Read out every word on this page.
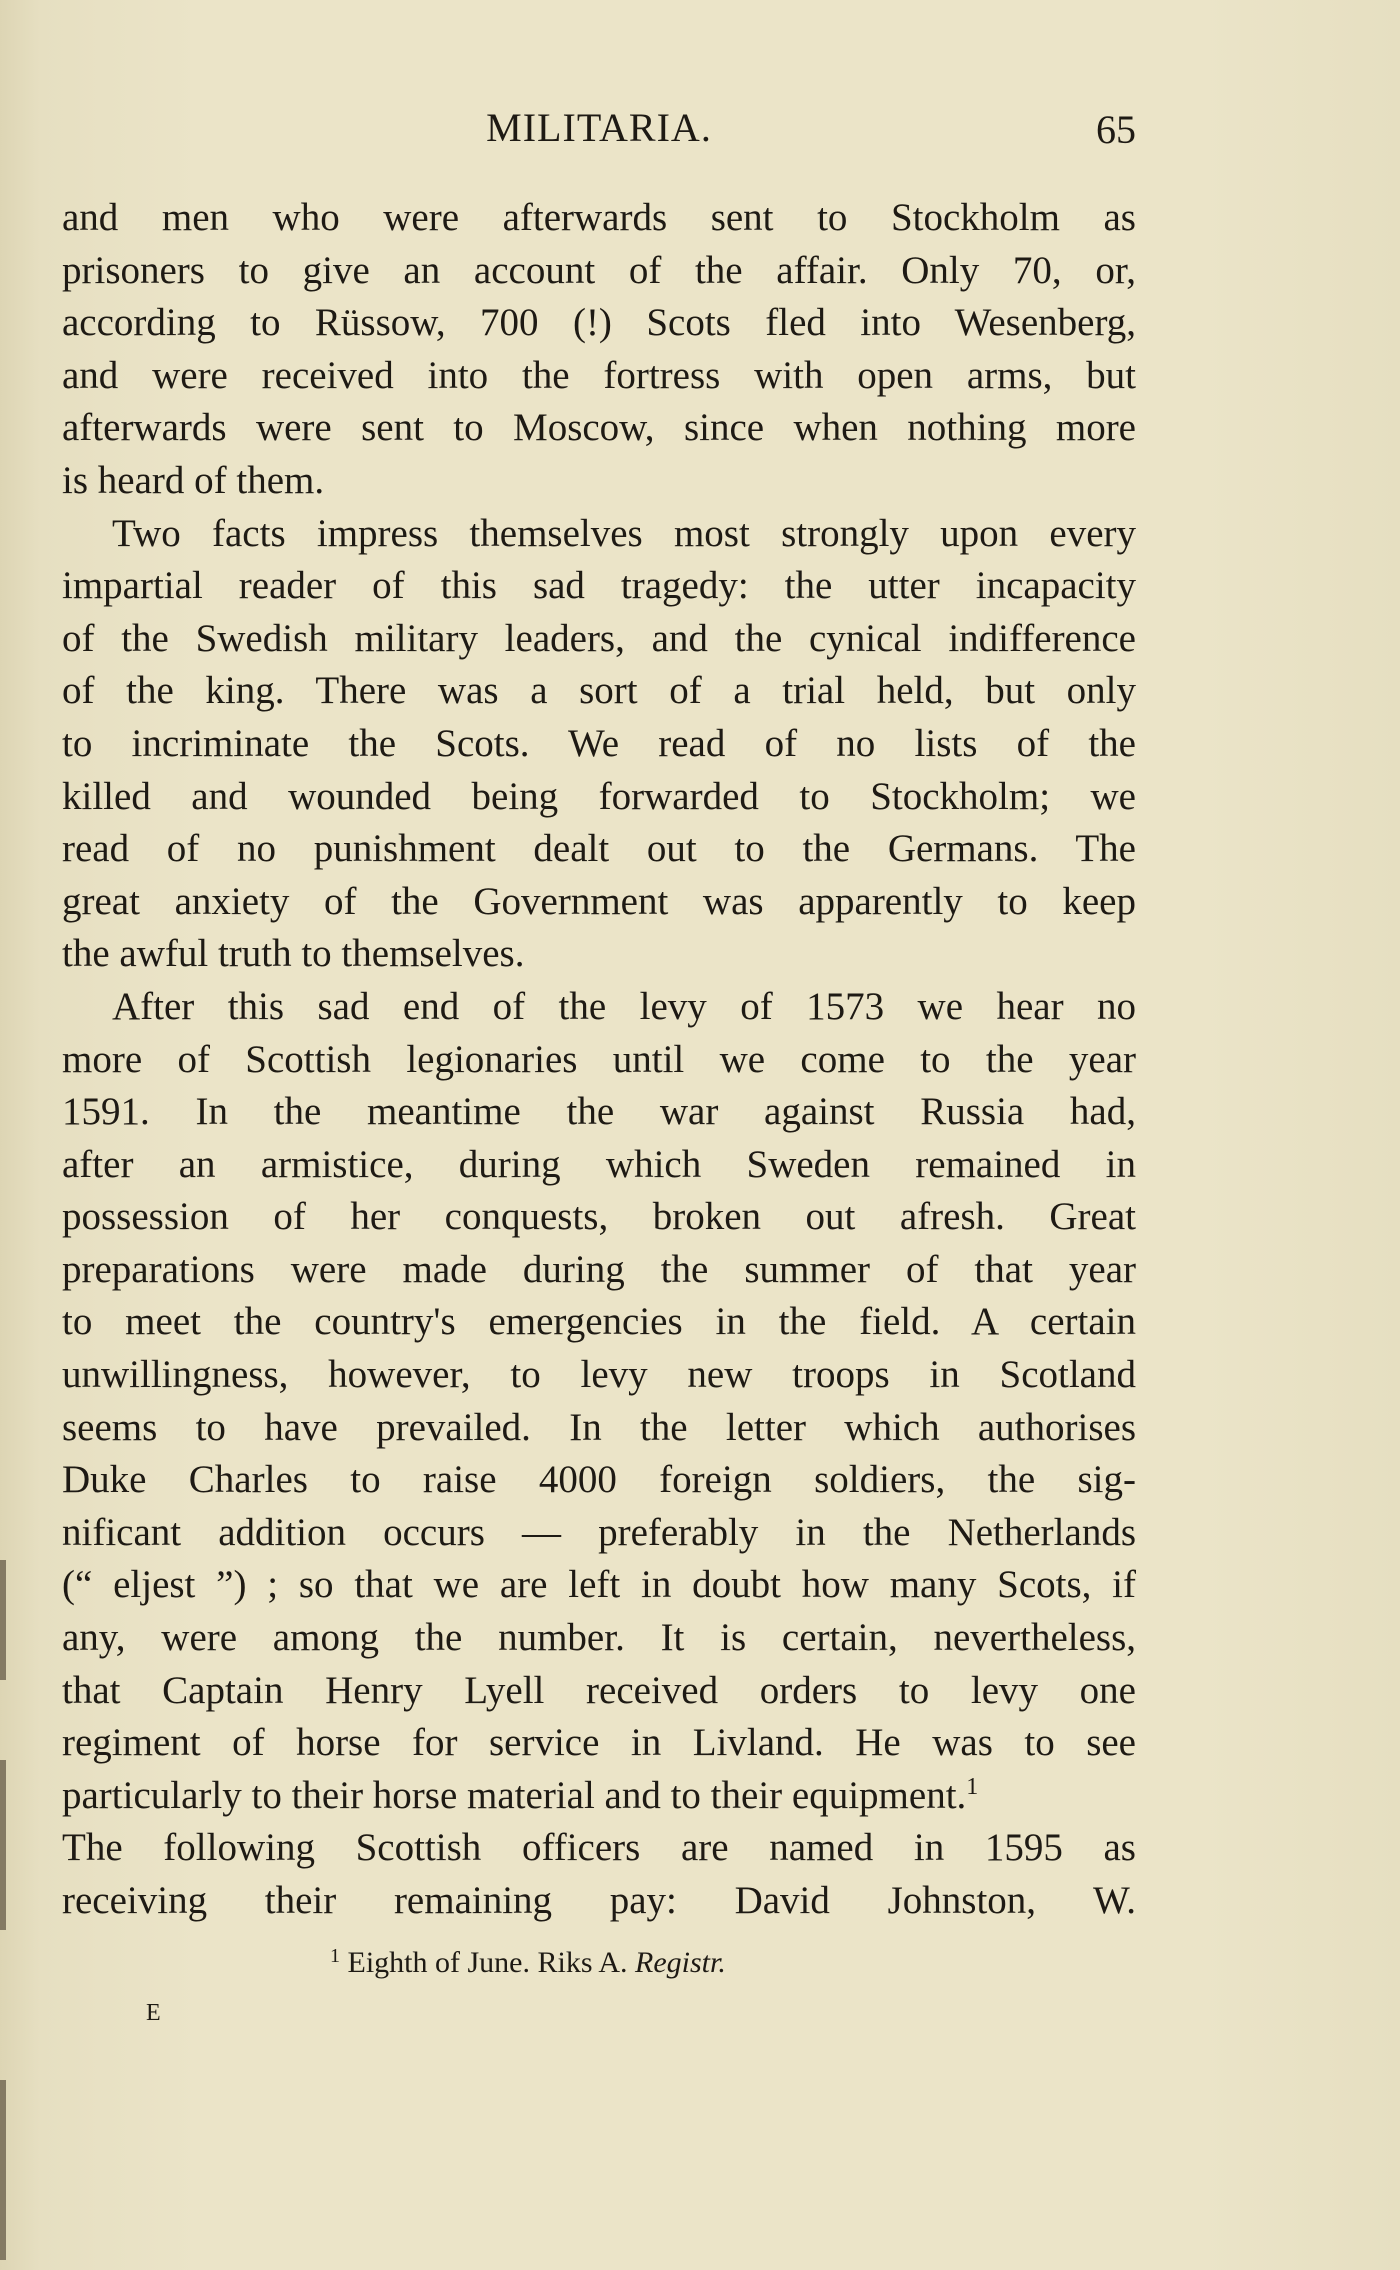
MILITARIA.	65
and men who were afterwards sent to Stockholm as
prisoners to give an account of the affair. Only 70, or,
according to Rüssow, 700 (!) Scots fled into Wesenberg,
and were received into the fortress with open arms, but
afterwards were sent to Moscow, since when nothing more
is heard of them.
Two facts impress themselves most strongly upon every
impartial reader of this sad tragedy: the utter incapacity
of the Swedish military leaders, and the cynical indifference
of the king. There was a sort of a trial held, but only
to incriminate the Scots. We read of no lists of the
killed and wounded being forwarded to Stockholm; we
read of no punishment dealt out to the Germans. The
great anxiety of the Government was apparently to keep
the awful truth to themselves.
After this sad end of the levy of 1573 we hear no
more of Scottish legionaries until we come to the year
1591. In the meantime the war against Russia had,
after an armistice, during which Sweden remained in
possession of her conquests, broken out afresh. Great
preparations were made during the summer of that year
to meet the country's emergencies in the field. A certain
unwillingness, however, to levy new troops in Scotland
seems to have prevailed. In the letter which authorises
Duke Charles to raise 4000 foreign soldiers, the sig-
nificant addition occurs — preferably in the Netherlands
(“ eljest ”) ; so that we are left in doubt how many Scots, if
any, were among the number. It is certain, nevertheless,
that Captain Henry Lyell received orders to levy one
regiment of horse for service in Livland. He was to see
particularly to their horse material and to their equipment.$^1$
The following Scottish officers are named in 1595 as
receiving their remaining pay: David Johnston, W.
$^1$ Eighth of June. Riks A. Registr.
E
